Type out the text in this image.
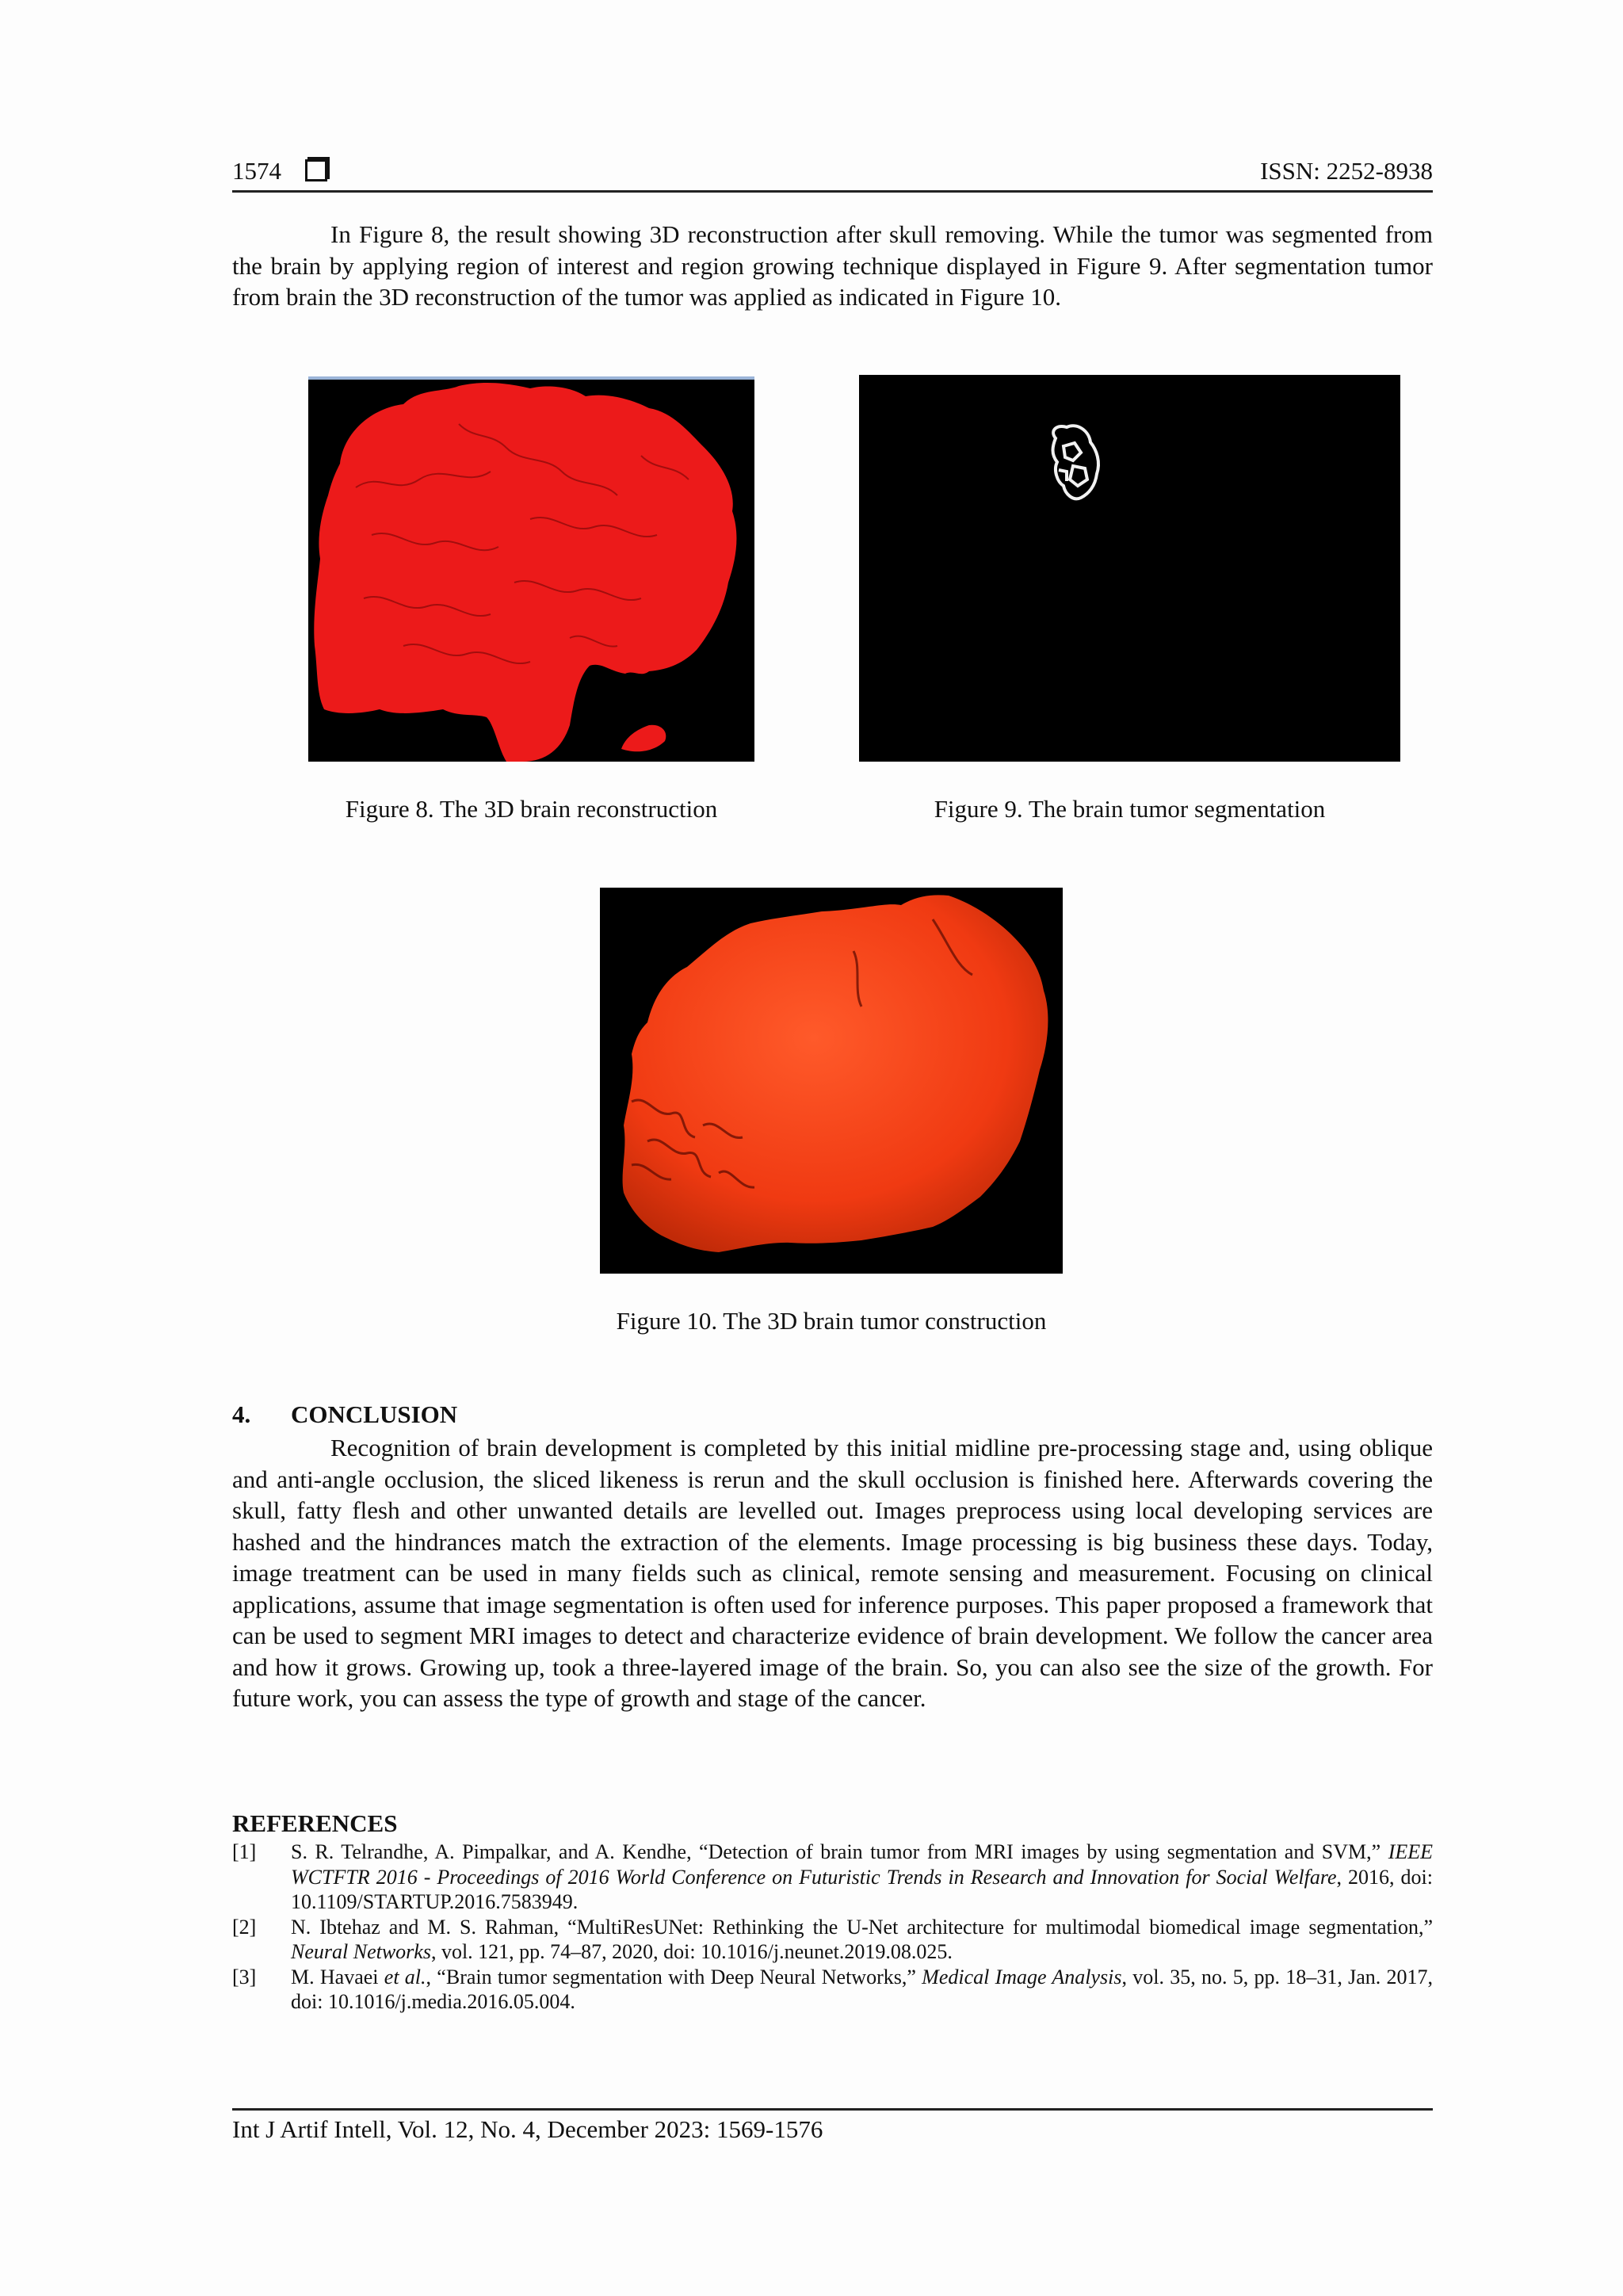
1574	ISSN: 2252-8938

In Figure 8, the result showing 3D reconstruction after skull removing. While the tumor was segmented from the brain by applying region of interest and region growing technique displayed in Figure 9. After segmentation tumor from brain the 3D reconstruction of the tumor was applied as indicated in Figure 10.

Figure 8. The 3D brain reconstruction	Figure 9. The brain tumor segmentation
Figure 10. The 3D brain tumor construction
4. CONCLUSION

Recognition of brain development is completed by this initial midline pre-processing stage and, using oblique and anti-angle occlusion, the sliced likeness is rerun and the skull occlusion is finished here. Afterwards covering the skull, fatty flesh and other unwanted details are levelled out. Images preprocess using local developing services are hashed and the hindrances match the extraction of the elements. Image processing is big business these days. Today, image treatment can be used in many fields such as clinical, remote sensing and measurement. Focusing on clinical applications, assume that image segmentation is often used for inference purposes. This paper proposed a framework that can be used to segment MRI images to detect and characterize evidence of brain development. We follow the cancer area and how it grows. Growing up, took a three-layered image of the brain. So, you can also see the size of the growth. For future work, you can assess the type of growth and stage of the cancer.

REFERENCES
[1]	S. R. Telrandhe, A. Pimpalkar, and A. Kendhe, “Detection of brain tumor from MRI images by using segmentation and SVM,” IEEE WCTFTR 2016 - Proceedings of 2016 World Conference on Futuristic Trends in Research and Innovation for Social Welfare, 2016, doi: 10.1109/STARTUP.2016.7583949.
[2]	N. Ibtehaz and M. S. Rahman, “MultiResUNet: Rethinking the U-Net architecture for multimodal biomedical image segmentation,” Neural Networks, vol. 121, pp. 74–87, 2020, doi: 10.1016/j.neunet.2019.08.025.
[3]	M. Havaei et al., “Brain tumor segmentation with Deep Neural Networks,” Medical Image Analysis, vol. 35, no. 5, pp. 18–31, Jan. 2017, doi: 10.1016/j.media.2016.05.004.
Int J Artif Intell, Vol. 12, No. 4, December 2023: 1569-1576
